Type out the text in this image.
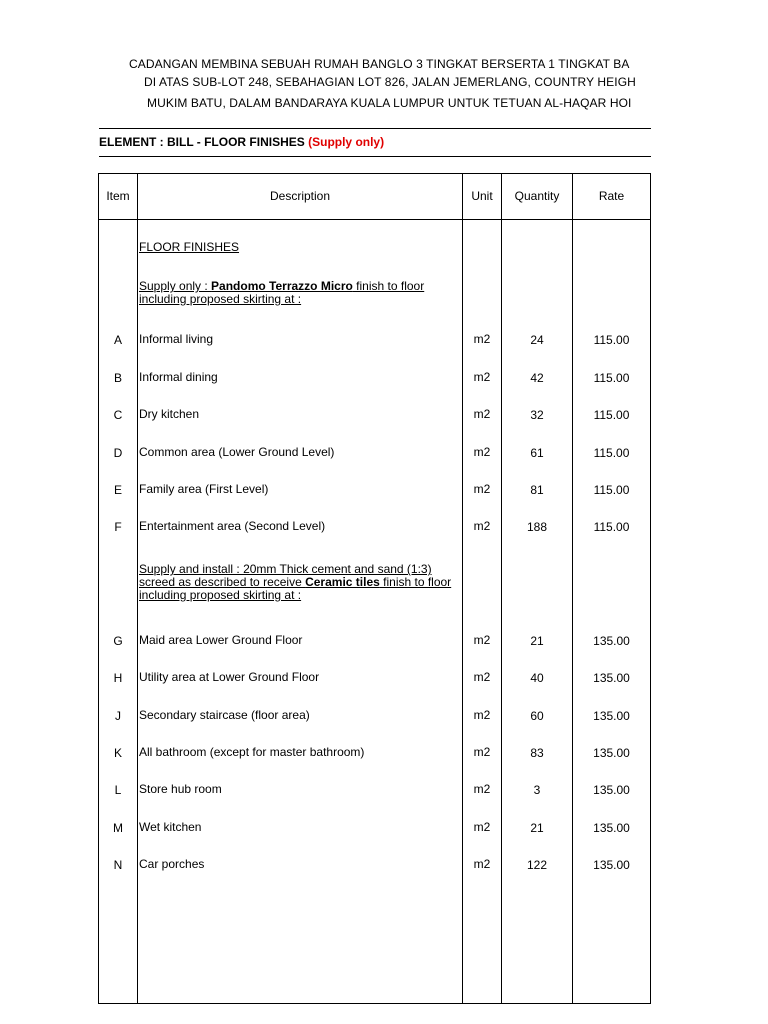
CADANGAN MEMBINA SEBUAH RUMAH BANGLO 3 TINGKAT BERSERTA 1 TINGKAT BA
DI ATAS SUB-LOT 248, SEBAHAGIAN LOT 826, JALAN JEMERLANG, COUNTRY HEIGH
MUKIM BATU, DALAM BANDARAYA KUALA LUMPUR UNTUK TETUAN AL-HAQAR HOI
ELEMENT : BILL - FLOOR FINISHES (Supply only)
Item	Description	Unit	Quantity	Rate
FLOOR FINISHES
Supply only : Pandomo Terrazzo Micro finish to floor including proposed skirting at :
Supply and install : 20mm Thick cement and sand (1:3) screed as described to receive Ceramic tiles finish to floor including proposed skirting at :
A	Informal living	m2	24	115.00
B	Informal dining	m2	42	115.00
C	Dry kitchen	m2	32	115.00
D	Common area (Lower Ground Level)	m2	61	115.00
E	Family area (First Level)	m2	81	115.00
F	Entertainment area (Second Level)	m2	188	115.00
G	Maid area Lower Ground Floor	m2	21	135.00
H	Utility area at Lower Ground Floor	m2	40	135.00
J	Secondary staircase (floor area)	m2	60	135.00
K	All bathroom (except for master bathroom)	m2	83	135.00
L	Store hub room	m2	3	135.00
M	Wet kitchen	m2	21	135.00
N	Car porches	m2	122	135.00
